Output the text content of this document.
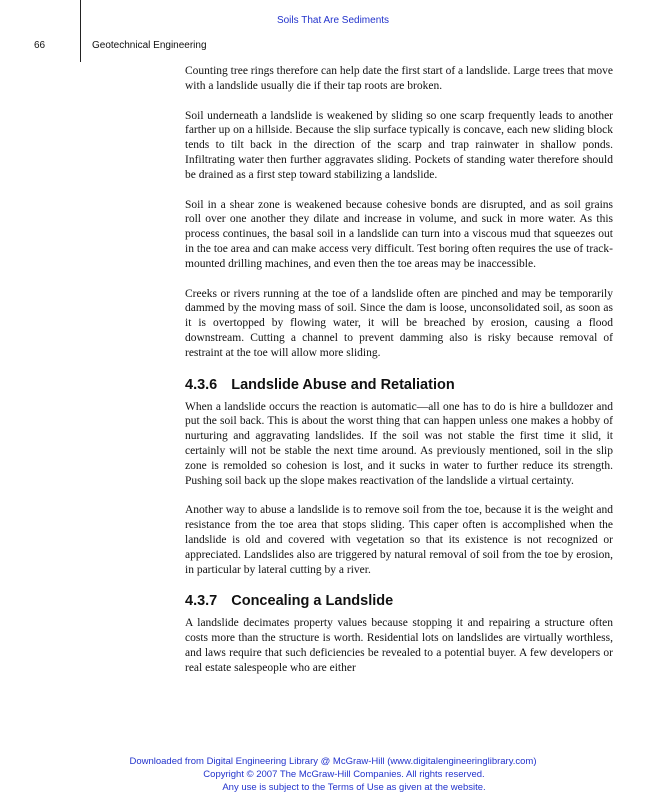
Soils That Are Sediments
66	Geotechnical Engineering

Counting tree rings therefore can help date the first start of a landslide. Large trees that move with a landslide usually die if their tap roots are broken.

Soil underneath a landslide is weakened by sliding so one scarp frequently leads to another farther up on a hillside. Because the slip surface typically is concave, each new sliding block tends to tilt back in the direction of the scarp and trap rainwater in shallow ponds. Infiltrating water then further aggravates sliding. Pockets of standing water therefore should be drained as a first step toward stabilizing a landslide.

Soil in a shear zone is weakened because cohesive bonds are disrupted, and as soil grains roll over one another they dilate and increase in volume, and suck in more water. As this process continues, the basal soil in a landslide can turn into a viscous mud that squeezes out in the toe area and can make access very difficult. Test boring often requires the use of track-mounted drilling machines, and even then the toe areas may be inaccessible.

Creeks or rivers running at the toe of a landslide often are pinched and may be temporarily dammed by the moving mass of soil. Since the dam is loose, unconsolidated soil, as soon as it is overtopped by flowing water, it will be breached by erosion, causing a flood downstream. Cutting a channel to prevent damming also is risky because removal of restraint at the toe will allow more sliding.

4.3.6 Landslide Abuse and Retaliation

When a landslide occurs the reaction is automatic—all one has to do is hire a bulldozer and put the soil back. This is about the worst thing that can happen unless one makes a hobby of nurturing and aggravating landslides. If the soil was not stable the first time it slid, it certainly will not be stable the next time around. As previously mentioned, soil in the slip zone is remolded so cohesion is lost, and it sucks in water to further reduce its strength. Pushing soil back up the slope makes reactivation of the landslide a virtual certainty.

Another way to abuse a landslide is to remove soil from the toe, because it is the weight and resistance from the toe area that stops sliding. This caper often is accomplished when the landslide is old and covered with vegetation so that its existence is not recognized or appreciated. Landslides also are triggered by natural removal of soil from the toe by erosion, in particular by lateral cutting by a river.

4.3.7 Concealing a Landslide

A landslide decimates property values because stopping it and repairing a structure often costs more than the structure is worth. Residential lots on landslides are virtually worthless, and laws require that such deficiencies be revealed to a potential buyer. A few developers or real estate salespeople who are either

Downloaded from Digital Engineering Library @ McGraw-Hill (www.digitalengineeringlibrary.com)
Copyright © 2007 The McGraw-Hill Companies. All rights reserved.
Any use is subject to the Terms of Use as given at the website.
